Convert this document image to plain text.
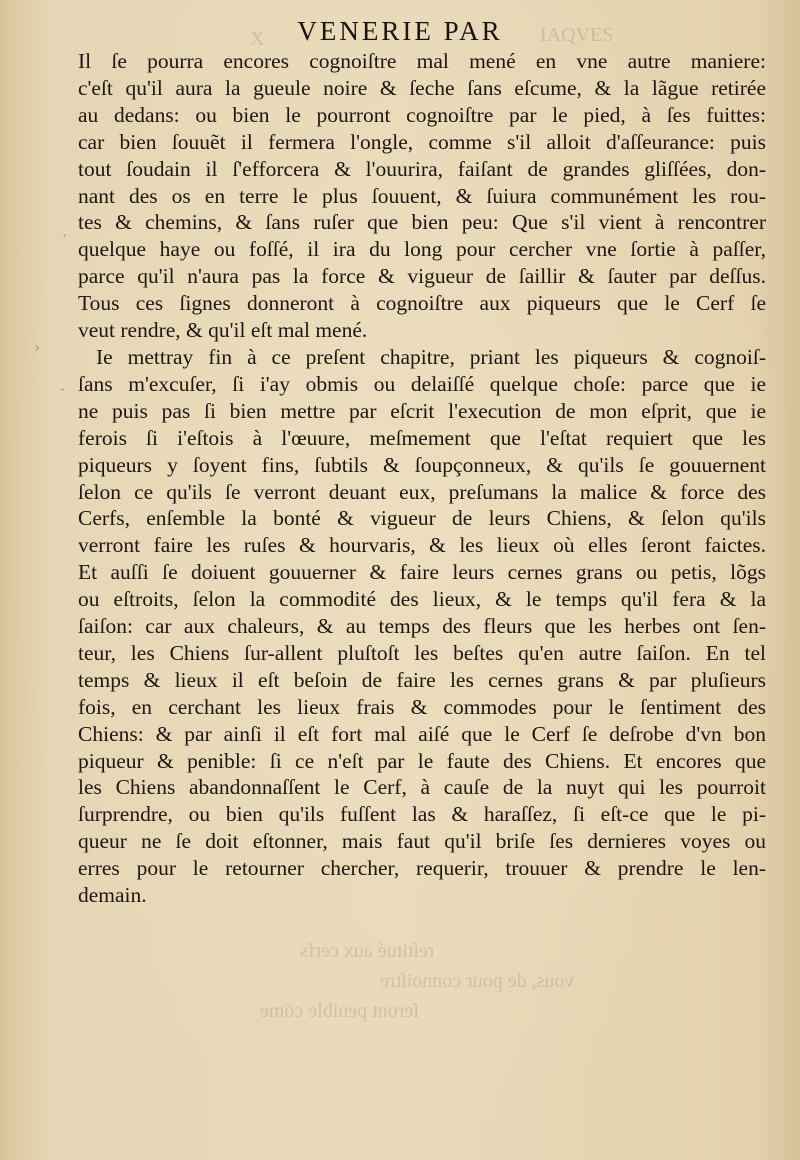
X	IAQVES
reſtitué aux cerfs
vous, de pour connoiſtre
ſeront penible cōme
VENERIE PAR
Il ſe pourra encores cognoiſtre mal mené en vne autre maniere:
c'eſt qu'il aura la gueule noire & ſeche ſans eſcume, & la lãgue retirée
au dedans: ou bien le pourront cognoiſtre par le pied, à ſes fuittes:
car bien ſouuẽt il fermera l'ongle, comme s'il alloit d'aſſeurance: puis
tout ſoudain il ſ'efforcera & l'ouurira, faiſant de grandes gliſſées, don-
nant des os en terre le plus ſouuent, & ſuiura communément les rou-
tes & chemins, & ſans ruſer que bien peu: Que s'il vient à rencontrer
quelque haye ou foſſé, il ira du long pour cercher vne ſortie à paſſer,
parce qu'il n'aura pas la force & vigueur de ſaillir & ſauter par deſſus.
Tous ces ſignes donneront à cognoiſtre aux piqueurs que le Cerf ſe
veut rendre, & qu'il eſt mal mené.
Ie mettray fin à ce preſent chapitre, priant les piqueurs & cognoiſ-
ſans m'excuſer, ſi i'ay obmis ou delaiſſé quelque choſe: parce que ie
ne puis pas ſi bien mettre par eſcrit l'execution de mon eſprit, que ie
ferois ſi i'eſtois à l'œuure, meſmement que l'eſtat requiert que les
piqueurs y ſoyent fins, ſubtils & ſoupçonneux, & qu'ils ſe gouuernent
ſelon ce qu'ils ſe verront deuant eux, preſumans la malice & force des
Cerfs, enſemble la bonté & vigueur de leurs Chiens, & ſelon qu'ils
verront faire les ruſes & hourvaris, & les lieux où elles ſeront faictes.
Et auſſi ſe doiuent gouuerner & faire leurs cernes grans ou petis, lõgs
ou eſtroits, ſelon la commodité des lieux, & le temps qu'il fera & la
ſaiſon: car aux chaleurs, & au temps des fleurs que les herbes ont ſen-
teur, les Chiens ſur-allent pluſtoſt les beſtes qu'en autre ſaiſon. En tel
temps & lieux il eſt beſoin de faire les cernes grans & par pluſieurs
fois, en cerchant les lieux frais & commodes pour le ſentiment des
Chiens: & par ainſi il eſt fort mal aiſé que le Cerf ſe deſrobe d'vn bon
piqueur & penible: ſi ce n'eſt par le faute des Chiens. Et encores que
les Chiens abandonnaſſent le Cerf, à cauſe de la nuyt qui les pourroit
ſurprendre, ou bien qu'ils fuſſent las & haraſſez, ſi eſt-ce que le pi-
queur ne ſe doit eſtonner, mais faut qu'il briſe ſes dernieres voyes ou
erres pour le retourner chercher, requerir, trouuer & prendre le len-
demain.
›
·
·
